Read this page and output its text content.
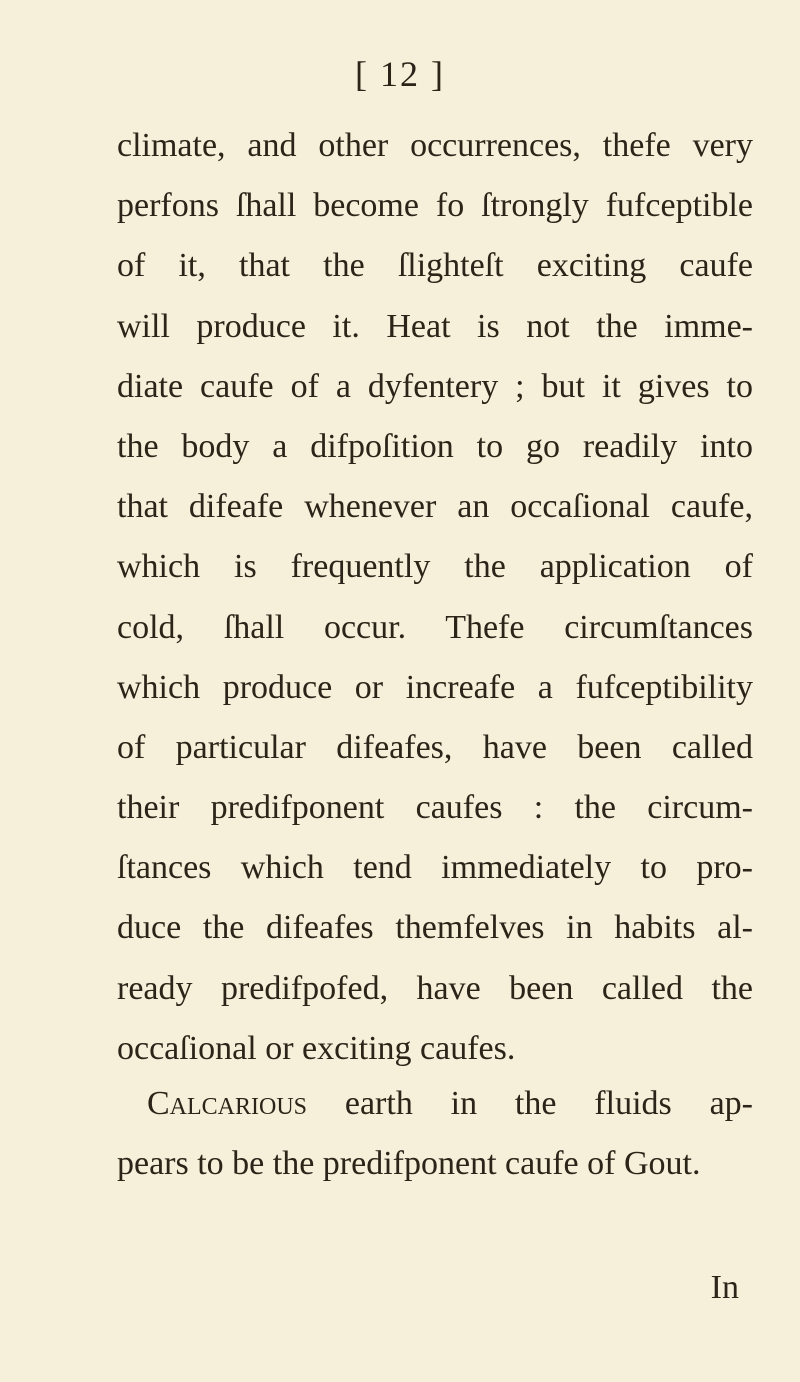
[ 12 ]
climate, and other occurrences, thefe very
perfons ſhall become fo ſtrongly fufceptible
of it, that the ſlighteſt exciting caufe
will produce it. Heat is not the imme-
diate caufe of a dyfentery ; but it gives to
the body a difpoſition to go readily into
that difeafe whenever an occaſional caufe,
which is frequently the application of
cold, ſhall occur. Thefe circumſtances
which produce or increafe a fufceptibility
of particular difeafes, have been called
their predifponent caufes : the circum-
ſtances which tend immediately to pro-
duce the difeafes themfelves in habits al-
ready predifpofed, have been called the
occaſional or exciting caufes.
Calcarious earth in the fluids ap-
pears to be the predifponent caufe of Gout.
In
